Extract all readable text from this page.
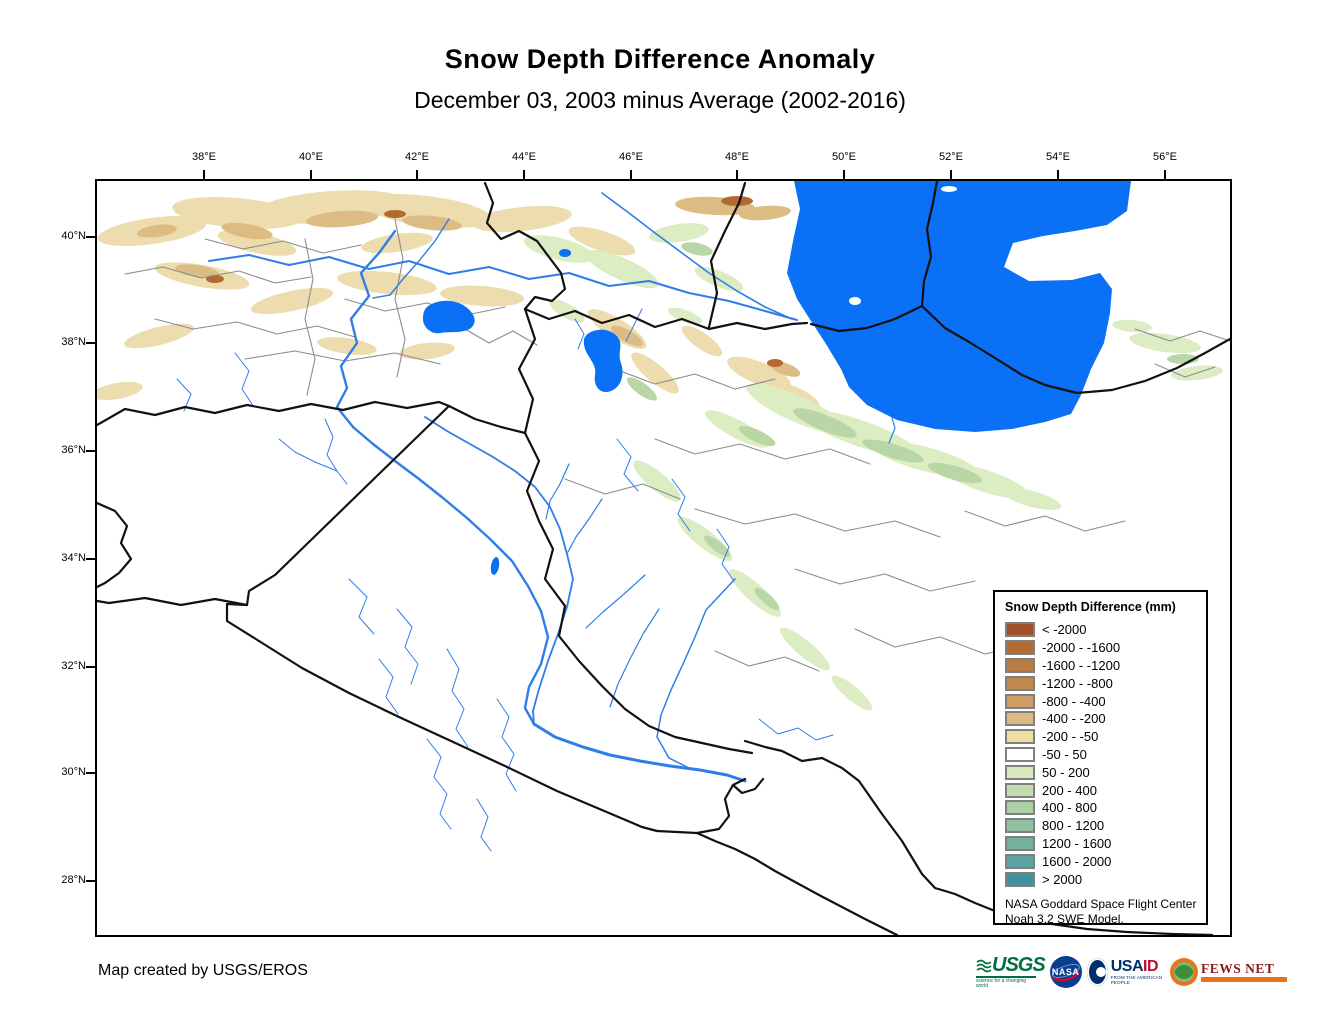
Snow Depth Difference Anomaly
December 03, 2003 minus Average (2002-2016)
38°E	40°E	42°E	44°E	46°E	48°E	50°E	52°E	54°E	56°E
40°N
38°N
36°N
34°N
32°N
30°N
28°N
Snow Depth Difference (mm)
< -2000
-2000 - -1600
-1600 - -1200
-1200 - -800
-800 - -400
-400 - -200
-200 - -50
-50 - 50
50 - 200
200 - 400
400 - 800
800 - 1200
1200 - 1600
1600 - 2000
> 2000
NASA Goddard Space Flight Center
Noah 3.2 SWE Model.
Map created by USGS/EROS	USGS
science for a changing world
NASA USAID
FROM THE AMERICAN PEOPLE
FEWS NET
